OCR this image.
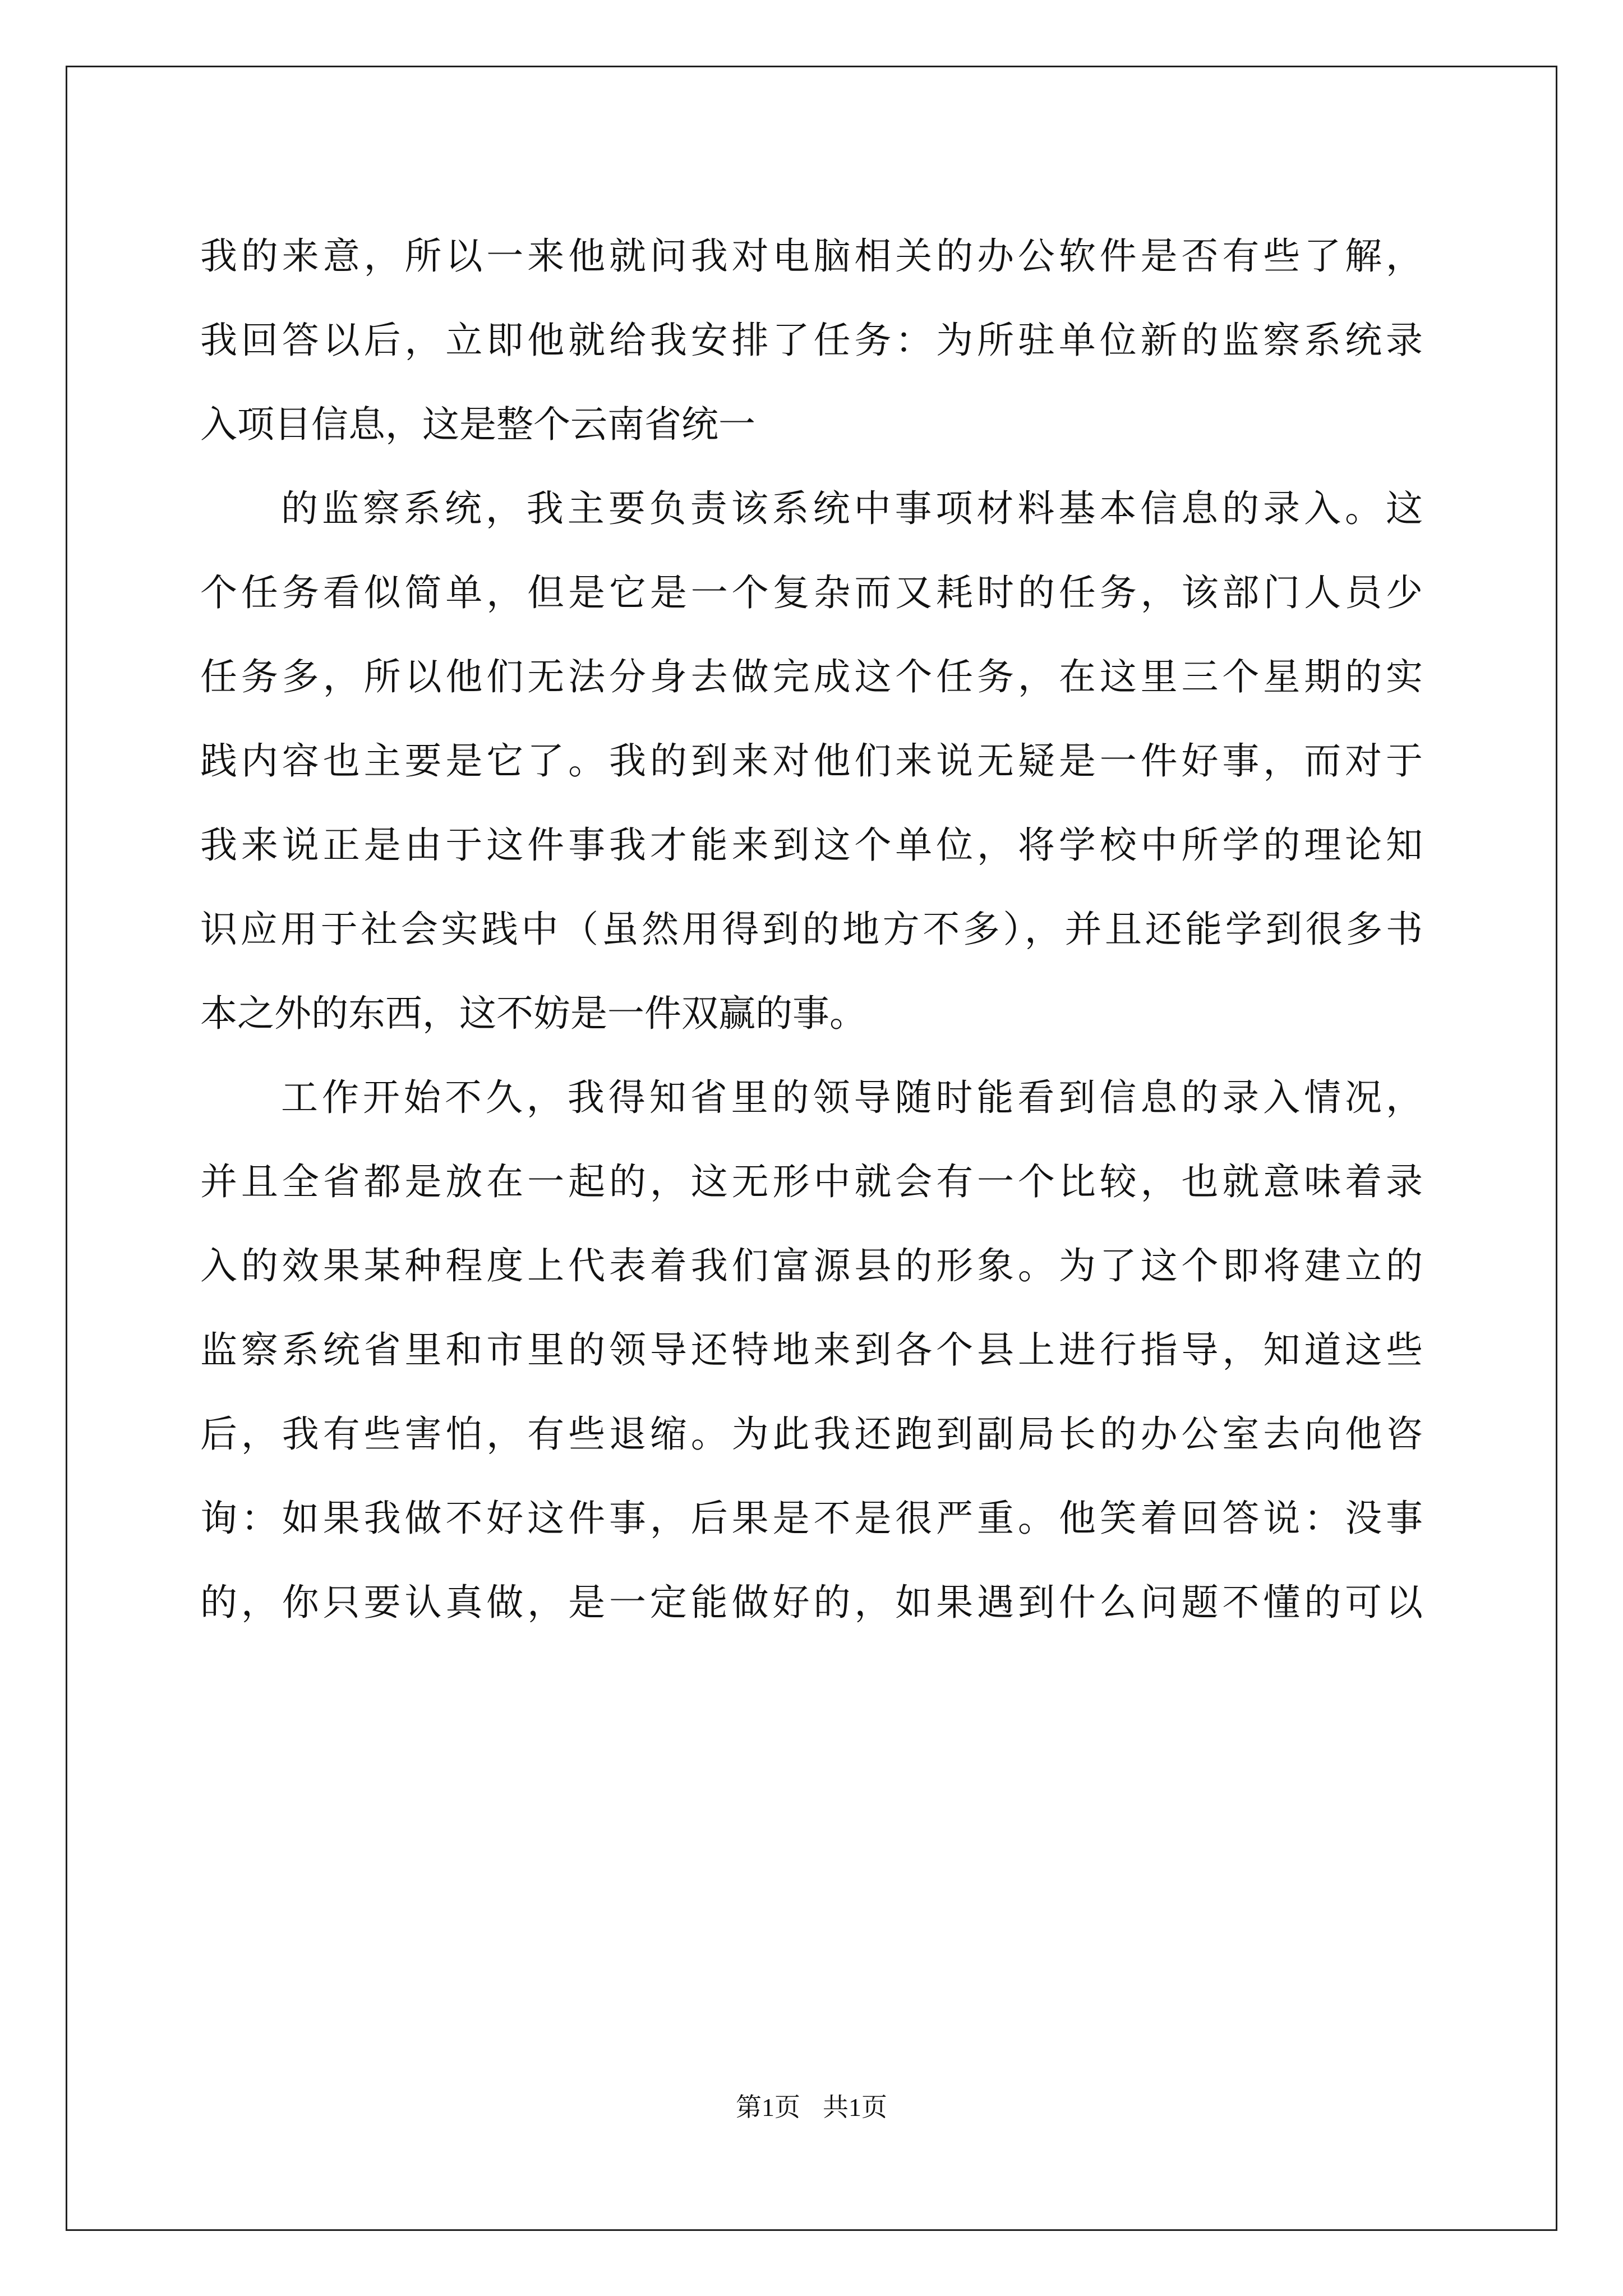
我的来意，所以一来他就问我对电脑相关的办公软件是否有些了解，
我回答以后，立即他就给我安排了任务：为所驻单位新的监察系统录
入项目信息，这是整个云南省统一
的监察系统，我主要负责该系统中事项材料基本信息的录入。这
个任务看似简单，但是它是一个复杂而又耗时的任务，该部门人员少
任务多，所以他们无法分身去做完成这个任务，在这里三个星期的实
践内容也主要是它了。我的到来对他们来说无疑是一件好事，而对于
我来说正是由于这件事我才能来到这个单位，将学校中所学的理论知
识应用于社会实践中（虽然用得到的地方不多），并且还能学到很多书
本之外的东西，这不妨是一件双赢的事。
工作开始不久，我得知省里的领导随时能看到信息的录入情况，
并且全省都是放在一起的，这无形中就会有一个比较，也就意味着录
入的效果某种程度上代表着我们富源县的形象。为了这个即将建立的
监察系统省里和市里的领导还特地来到各个县上进行指导，知道这些
后，我有些害怕，有些退缩。为此我还跑到副局长的办公室去向他咨
询：如果我做不好这件事，后果是不是很严重。他笑着回答说：没事
的，你只要认真做，是一定能做好的，如果遇到什么问题不懂的可以
第1页 共1页
